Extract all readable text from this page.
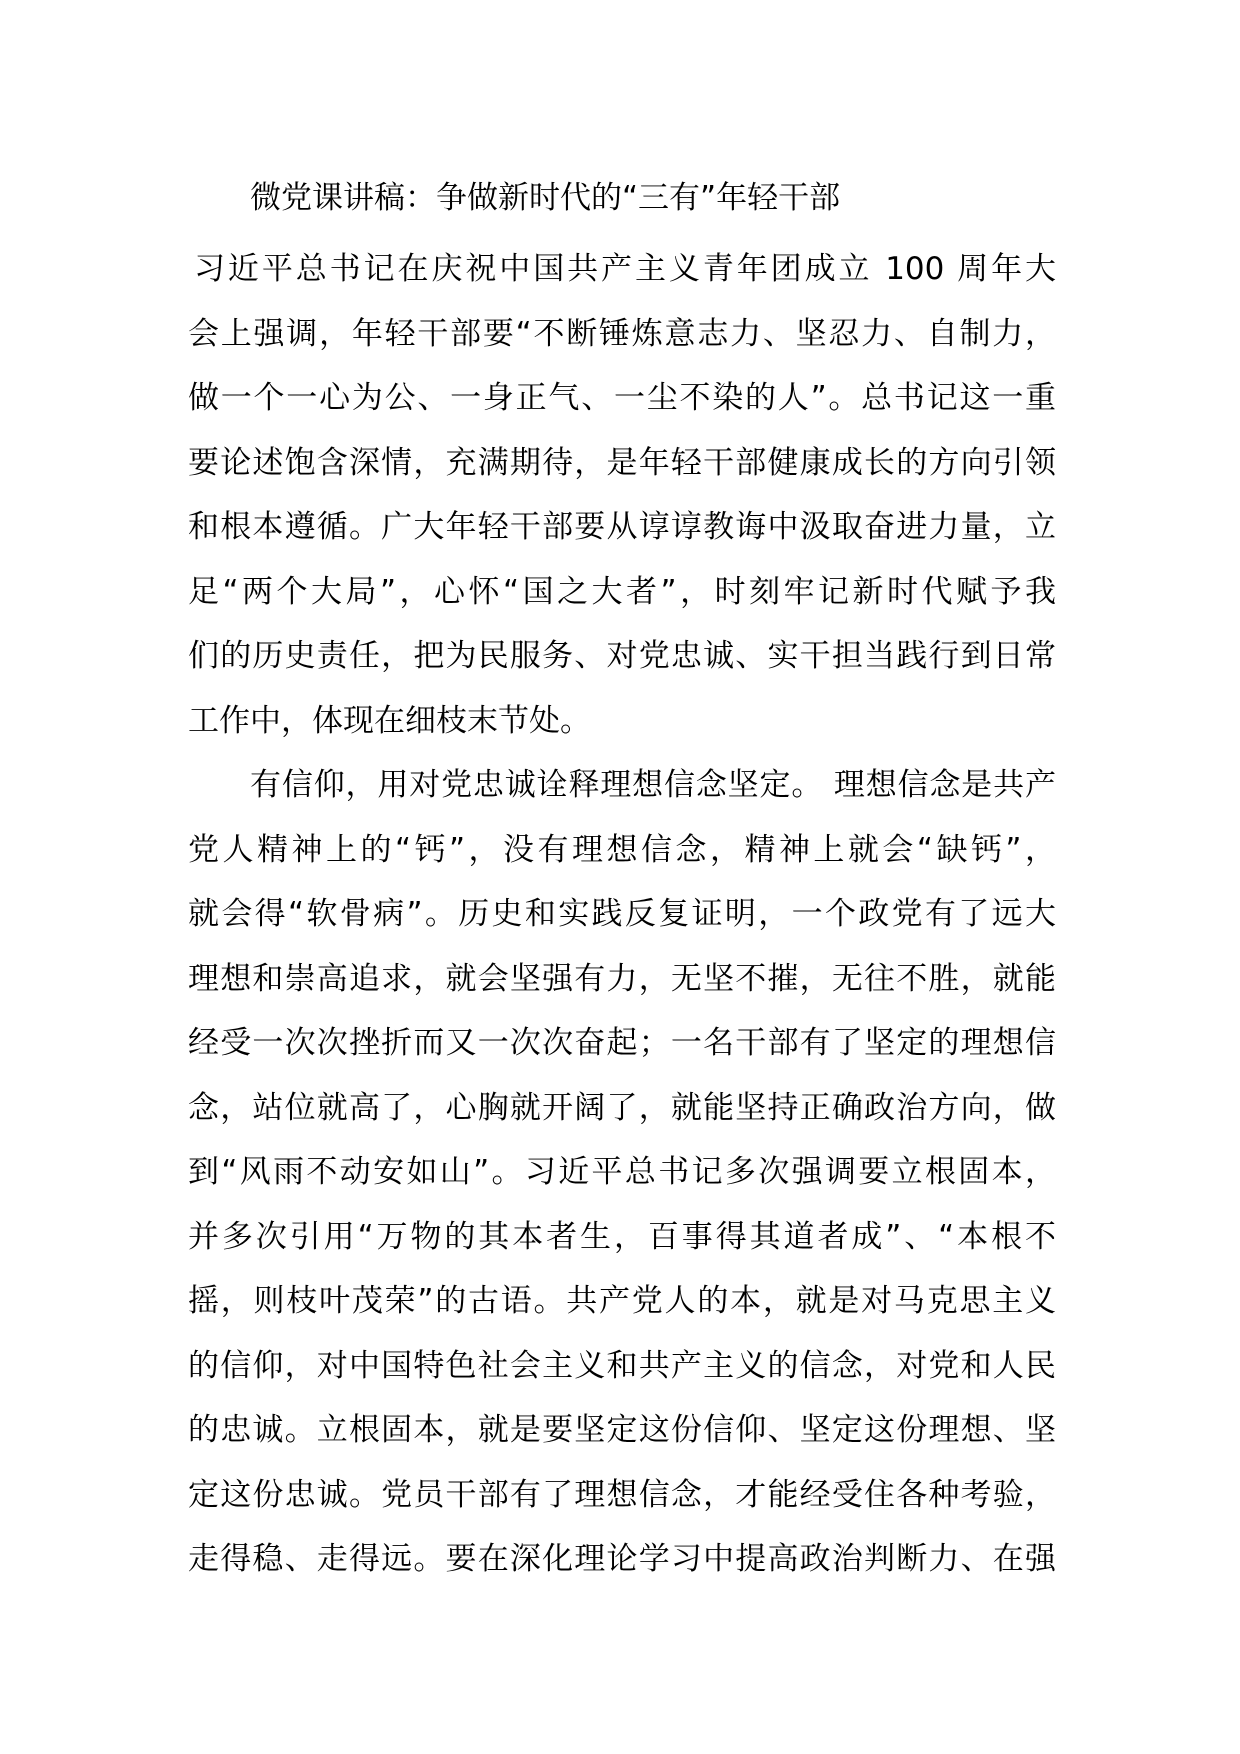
微党课讲稿：争做新时代的“三有”年轻干部
习近平总书记在庆祝中国共产主义青年团成立 100 周年大
会上强调，年轻干部要“不断锤炼意志力、坚忍力、自制力，
做一个一心为公、一身正气、一尘不染的人”。总书记这一重
要论述饱含深情，充满期待，是年轻干部健康成长的方向引领
和根本遵循。广大年轻干部要从谆谆教诲中汲取奋进力量，立
足“两个大局”，心怀“国之大者”，时刻牢记新时代赋予我
们的历史责任，把为民服务、对党忠诚、实干担当践行到日常
工作中，体现在细枝末节处。
有信仰，用对党忠诚诠释理想信念坚定。 理想信念是共产
党人精神上的“钙”，没有理想信念，精神上就会“缺钙”，
就会得“软骨病”。历史和实践反复证明，一个政党有了远大
理想和崇高追求，就会坚强有力，无坚不摧，无往不胜，就能
经受一次次挫折而又一次次奋起；一名干部有了坚定的理想信
念，站位就高了，心胸就开阔了，就能坚持正确政治方向，做
到“风雨不动安如山”。习近平总书记多次强调要立根固本，
并多次引用“万物的其本者生，百事得其道者成”、“本根不
摇，则枝叶茂荣”的古语。共产党人的本，就是对马克思主义
的信仰，对中国特色社会主义和共产主义的信念，对党和人民
的忠诚。立根固本，就是要坚定这份信仰、坚定这份理想、坚
定这份忠诚。党员干部有了理想信念，才能经受住各种考验，
走得稳、走得远。要在深化理论学习中提高政治判断力、在强
